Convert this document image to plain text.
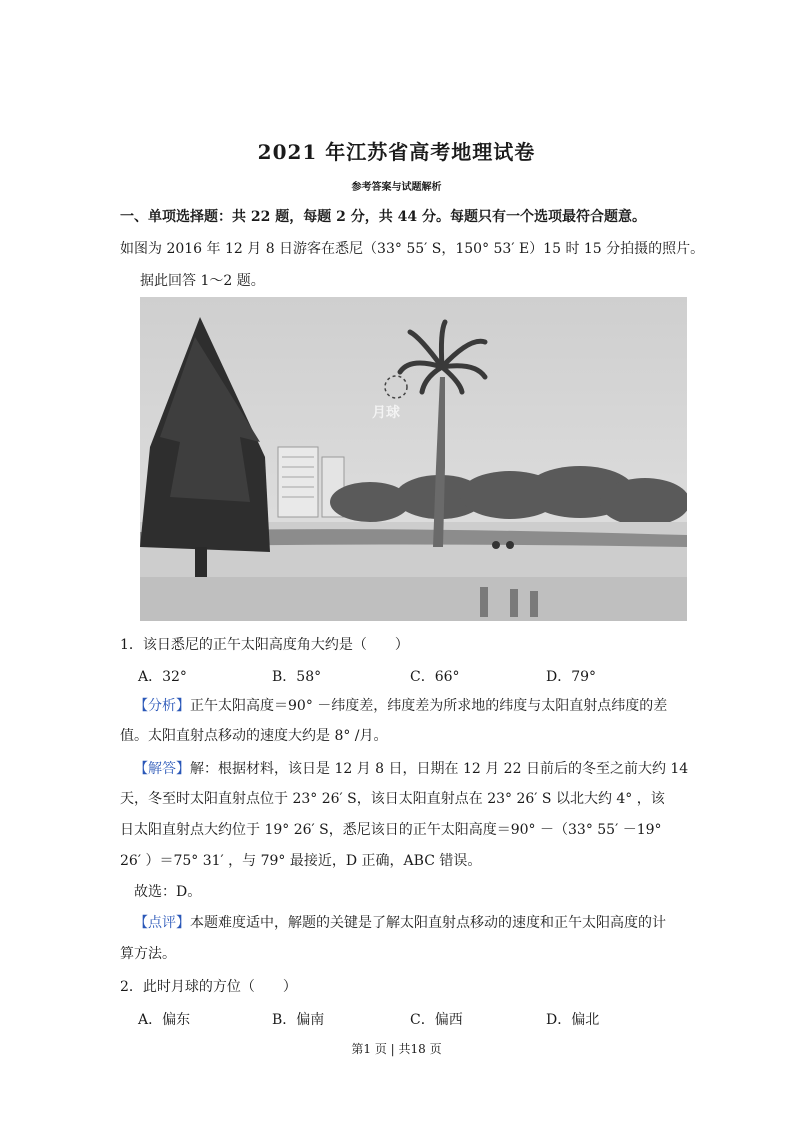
2021 年江苏省高考地理试卷
参考答案与试题解析
一、单项选择题：共 22 题，每题 2 分，共 44 分。每题只有一个选项最符合题意。
如图为 2016 年 12 月 8 日游客在悉尼（33° 55′ S，150° 53′ E）15 时 15 分拍摄的照片。
据此回答 1～2 题。
月球
1．该日悉尼的正午太阳高度角大约是（　　）
A．32°	B．58°	C．66°	D．79°
【分析】正午太阳高度＝90° －纬度差，纬度差为所求地的纬度与太阳直射点纬度的差
值。太阳直射点移动的速度大约是 8° /月。
【解答】解：根据材料，该日是 12 月 8 日，日期在 12 月 22 日前后的冬至之前大约 14
天，冬至时太阳直射点位于 23° 26′ S，该日太阳直射点在 23° 26′ S 以北大约 4° ，该
日太阳直射点大约位于 19° 26′ S，悉尼该日的正午太阳高度＝90° －（33° 55′ －19°
26′ ）＝75° 31′ ，与 79° 最接近，D 正确，ABC 错误。
故选：D。
【点评】本题难度适中，解题的关键是了解太阳直射点移动的速度和正午太阳高度的计
算方法。
2．此时月球的方位（　　）
A．偏东	B．偏南	C．偏西	D．偏北
第1 页 | 共18 页
